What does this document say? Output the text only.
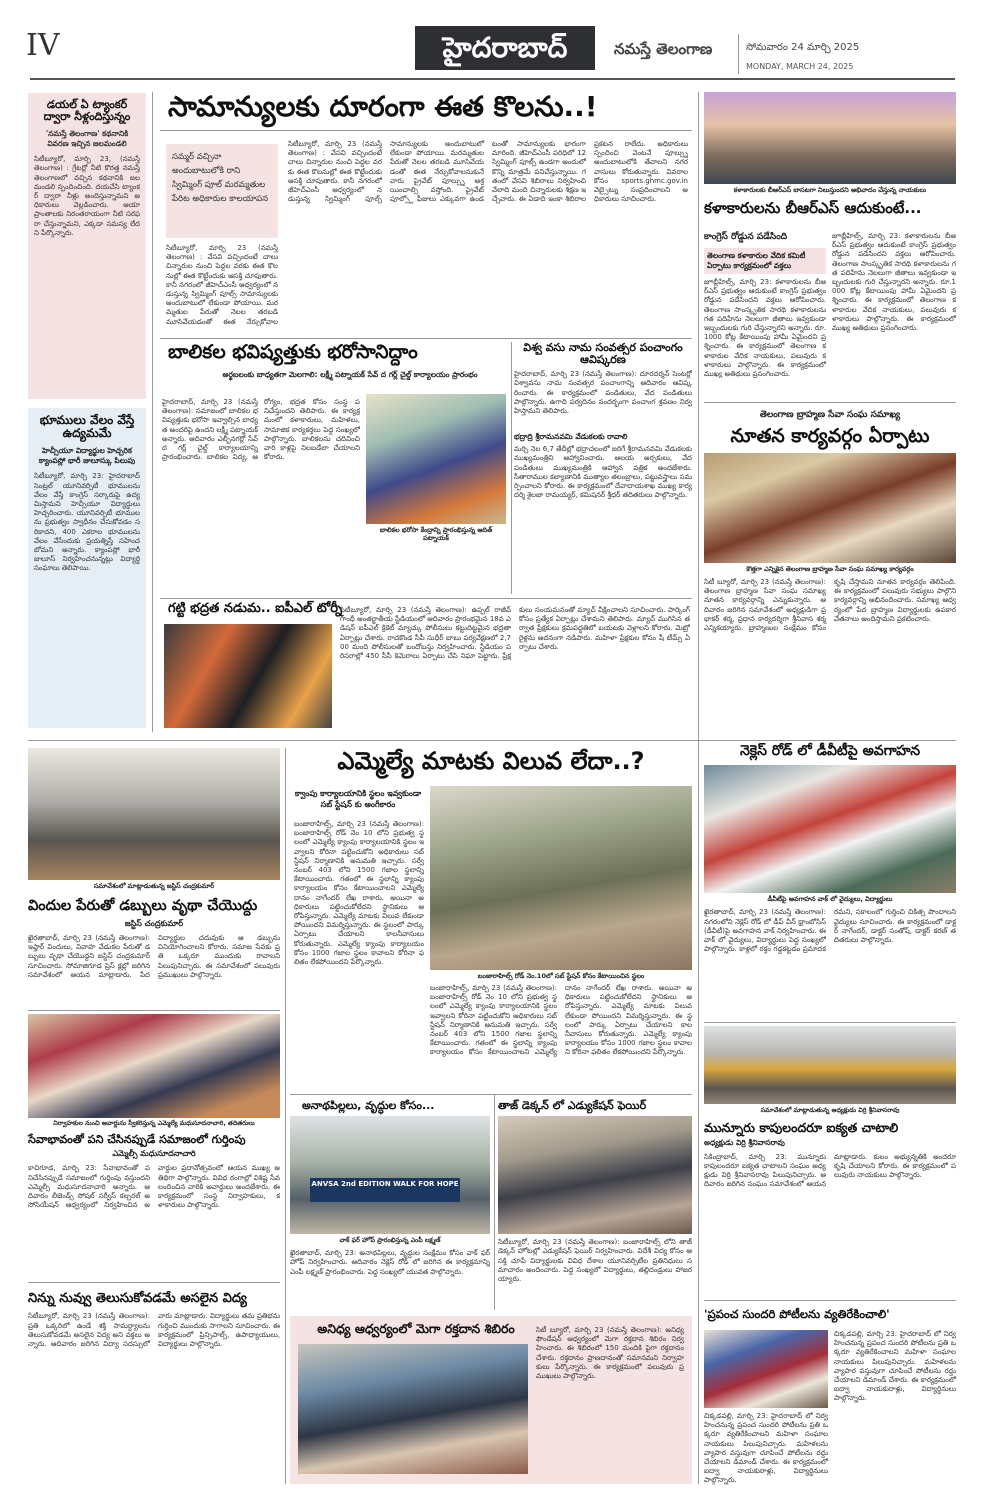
IV	హైదరాబాద్	నమస్తే తెలంగాణ	సోమవారం 24 మార్చి 2025
MONDAY, MARCH 24, 2025
డయల్ ఏ ట్యాంకర్ ద్వారా నీళ్లందిస్తున్నం
'నమస్తే తెలంగాణ' కథనానికి వివరణ ఇచ్చిన జలమండలి
సిటీబ్యూరో, మార్చి 23, (నమస్తే తెలంగాణ) : గ్రేటర్లో నీటి కొరత్త నమస్తే తెలంగాణలో వచ్చిన కథనానికి జలమండలి స్పందించింది. దయచేసి ట్యాంకర్ ద్వారా నీళ్లు అందిస్తున్నామని అధికారులు వెల్లడించారు. ఆయా ప్రాంతాలకు నిరంతరాయంగా నీటి సరఫరా చేస్తున్నామని, ఎక్కడా సమస్య లేదని పేర్కొన్నారు.
భూములు వేలం వేస్తే ఉద్యమమే
హెచ్సీయూ విద్యార్థుల హెచ్చరిక క్యాంపస్లో భారీ జులూస్కు పిలుపు
సిటీబ్యూరో, మార్చి 23: హైదరాబాద్ సెంట్రల్ యూనివర్సిటీ భూములను వేలం వేస్తే కాంగ్రెస్ సర్కారుపై ఉద్యమిస్తామని హెచ్సీయూ విద్యార్థులు హెచ్చరించారు. యూనివర్సిటీ భూములను ప్రభుత్వం స్వాధీనం చేసుకోవడం సరికాదని, 400 ఎకరాల భూములను వేలం వేసేందుకు ప్రయత్నిస్తే సహించబోమని అన్నారు. క్యాంపస్లో భారీ జులూస్ నిర్వహించనున్నట్లు విద్యార్థి సంఘాలు తెలిపాయి.
సామాన్యులకు దూరంగా ఈత కొలను..!
సమ్మర్ వచ్చినా అందుబాటులోకి రాని స్విమ్మింగ్ పూల్ మరమ్మతుల పేరిట అధికారుల కాలయాపన
సిటీబ్యూరో, మార్చి 23 (నమస్తే తెలంగాణ) : వేసవి వచ్చిందంటే చాలు చిన్నారుల నుంచి పెద్దల వరకు ఈత కొలనుల్లో ఈత కొట్టేందుకు ఆసక్తి చూపుతారు. కానీ నగరంలో జీహెచ్ఎంసీ ఆధ్వర్యంలో నడుస్తున్న స్విమ్మింగ్ పూల్స్ సామాన్యులకు అందుబాటులో లేకుండా పోయాయి. మరమ్మతుల పేరుతో నెలల తరబడి మూసివేయడంతో ఈత నేర్చుకోవాలనుకునే వారు ప్రైవేట్ పూల్స్ను ఆశ్రయించాల్సి వస్తోంది. ప్రైవేట్ పూల్స్లో ఫీజులు ఎక్కువగా ఉండటంతో సామాన్యులకు భారంగా మారింది. జీహెచ్ఎంసీ పరిధిలో 12 స్విమ్మింగ్ పూల్స్ ఉండగా అందులో కొన్ని మాత్రమే పనిచేస్తున్నాయి. గతంలో వేసవి శిబిరాలు నిర్వహించి వేలాది మంది చిన్నారులకు శిక్షణ ఇచ్చేవారు. ఈ ఏడాది ఇంకా శిబిరాల ప్రకటన రాలేదు. అధికారులు స్పందించి వెంటనే పూల్స్ను అందుబాటులోకి తేవాలని నగరవాసులు కోరుతున్నారు. వివరాల కోసం sports.ghmc.gov.in వెబ్సైట్ను సంప్రదించాలని అధికారులు సూచించారు.
సిటీబ్యూరో, మార్చి 23 (నమస్తే తెలంగాణ) : వేసవి వచ్చిందంటే చాలు చిన్నారుల నుంచి పెద్దల వరకు ఈత కొలనుల్లో ఈత కొట్టేందుకు ఆసక్తి చూపుతారు. కానీ నగరంలో జీహెచ్ఎంసీ ఆధ్వర్యంలో నడుస్తున్న స్విమ్మింగ్ పూల్స్ సామాన్యులకు అందుబాటులో లేకుండా పోయాయి. మరమ్మతుల పేరుతో నెలల తరబడి మూసివేయడంతో ఈత నేర్చుకోవాల
కళాకారులకు బీఆర్ఎస్ బాసటగా నిలుస్తుందని అభివాదం చేస్తున్న నాయకులు
కళాకారులను బీఆర్ఎస్ ఆదుకుంటే...
కాంగ్రెస్ రోడ్డున పడేసింది
తెలంగాణ కళాకారుల వేదిక కమిటీ ఏర్పాటు కార్యక్రమంలో వక్తలు
జూబ్లీహిల్స్, మార్చి 23: కళాకారులను బీఆర్ఎస్ ప్రభుత్వం ఆదుకుంటే కాంగ్రెస్ ప్రభుత్వం రోడ్డున పడేసిందని వక్తలు ఆరోపించారు. తెలంగాణ సాంస్కృతిక సారథి కళాకారులను గత పదిహేను నెలలుగా జీతాలు ఇవ్వకుండా ఇబ్బందులకు గురి చేస్తున్నారని అన్నారు. రూ.1000 కోట్ల కేటాయింపు హామీ ఏమైందని ప్రశ్నించారు. ఈ కార్యక్రమంలో తెలంగాణ కళాకారుల వేదిక నాయకులు, పలువురు కళాకారులు పాల్గొన్నారు. ఈ కార్యక్రమంలో ముఖ్య అతిథులు ప్రసంగించారు.
జూబ్లీహిల్స్, మార్చి 23: కళాకారులను బీఆర్ఎస్ ప్రభుత్వం ఆదుకుంటే కాంగ్రెస్ ప్రభుత్వం రోడ్డున పడేసిందని వక్తలు ఆరోపించారు. తెలంగాణ సాంస్కృతిక సారథి కళాకారులను గత పదిహేను నెలలుగా జీతాలు ఇవ్వకుండా ఇబ్బందులకు గురి చేస్తున్నారని అన్నారు. రూ.1000 కోట్ల కేటాయింపు హామీ ఏమైందని ప్రశ్నించారు. ఈ కార్యక్రమంలో తెలంగాణ కళాకారుల వేదిక నాయకులు, పలువురు కళాకారులు పాల్గొన్నారు. ఈ కార్యక్రమంలో ముఖ్య అతిథులు ప్రసంగించారు.
బాలికల భవిష్యత్తుకు భరోసానిద్దాం
అర్థబలంకు బాధ్యతగా మెలగాలి: లక్ష్మీ పట్నాయక్ సేవ్ ద గర్ల్ చైల్డ్ కార్యాలయం ప్రారంభం
హైదరాబాద్, మార్చి 23 (నమస్తే తెలంగాణ): సమాజంలో బాలికల భవిష్యత్తుకు భరోసా ఇవ్వాల్సిన బాధ్యత అందరిపై ఉందని లక్ష్మీ పట్నాయక్ అన్నారు. ఆదివారం ఎల్బీనగర్లో సేవ్ ద గర్ల్ చైల్డ్ కార్యాలయాన్ని ప్రారంభించారు. బాలికల విద్య, ఆరోగ్యం, భద్రత కోసం సంస్థ పనిచేస్తుందని తెలిపారు. ఈ కార్యక్రమంలో కళాకారులు, మహిళలు, సామాజిక కార్యకర్తలు పెద్ద సంఖ్యలో పాల్గొన్నారు. బాలికలను చదివించి వారి కాళ్లపై నిలబడేలా చేయాలని కోరారు.
బాలికల భరోసా కేంద్రాన్ని ప్రారంభిస్తున్న ఆదిత్ పట్నాయక్
విశ్వ వసు నామ సంవత్సర పంచాంగం ఆవిష్కరణ
హైదరాబాద్, మార్చి 23 (నమస్తే తెలంగాణ): దూరదర్శన్ సెంటర్లో విశ్వావసు నామ సంవత్సర పంచాంగాన్ని ఆదివారం ఆవిష్కరించారు. ఈ కార్యక్రమంలో పండితులు, వేద పండితులు పాల్గొన్నారు. ఉగాది పర్వదినం సందర్భంగా పంచాంగ శ్రవణం నిర్వహిస్తామని తెలిపారు.
భద్రాద్రి శ్రీరామనవమి వేడుకలకు రావాలి
మర్చి నెల 6,7 తేదీల్లో భద్రాచలంలో జరిగే శ్రీరామనవమి వేడుకలకు ముఖ్యమంత్రిని ఆహ్వానించారు. ఆలయ అర్చకులు, వేద పండితులు ముఖ్యమంత్రికి ఆహ్వాన పత్రిక అందజేశారు. సీతారాముల కల్యాణానికి ముత్యాల తలంబ్రాలు, పట్టువస్త్రాలు సమర్పించాలని కోరారు. ఈ కార్యక్రమంలో దేవాదాయశాఖ ముఖ్య కార్యదర్శి శైలజా రామయ్యర్, కమిషనర్ శ్రీధర్ తదితరులు పాల్గొన్నారు.
గట్టి భద్రత నడుమ.. ఐపీఎల్ టోర్నీ
సిటీబ్యూరో, మార్చి 23 (నమస్తే తెలంగాణ): ఉప్పల్ రాజీవ్ గాంధీ అంతర్జాతీయ స్టేడియంలో ఆదివారం ప్రారంభమైన 18వ ఎడిషన్ ఐపీఎల్ క్రికెట్ మ్యాచ్కు పోలీసులు కట్టుదిట్టమైన భద్రతా ఏర్పాట్లు చేశారు. రాచకొండ సీపీ సుధీర్ బాబు పర్యవేక్షణలో 2,700 మంది పోలీసులతో బందోబస్తు నిర్వహించారు. స్టేడియం పరిసరాల్లో 450 సీసీ కెమెరాలు ఏర్పాటు చేసి నిఘా పెట్టారు. ప్రేక్షకులు సంయమనంతో మ్యాచ్ వీక్షించాలని సూచించారు. పార్కింగ్ కోసం ప్రత్యేక ఏర్పాట్లు చేశామని తెలిపారు. మ్యాచ్ ముగిసిన తర్వాత ప్రేక్షకులు క్రమపద్ధతిలో బయటకు వెళ్లాలని కోరారు. మెట్రో రైళ్లను అదనంగా నడిపారు. మహిళా ప్రేక్షకుల కోసం షీ టీమ్స్ ఏర్పాటు చేశారు.
తెలంగాణ బ్రాహ్మణ సేవా సంఘ సమాఖ్య
నూతన కార్యవర్గం ఏర్పాటు
కొత్తగా ఎన్నికైన తెలంగాణ బ్రాహ్మణ సేవా సంఘ సమాఖ్య కార్యవర్గం
సిటీ బ్యూరో, మార్చి 23 (నమస్తే తెలంగాణ): తెలంగాణ బ్రాహ్మణ సేవా సంఘ సమాఖ్య నూతన కార్యవర్గాన్ని ఎన్నుకున్నారు. ఆదివారం జరిగిన సమావేశంలో అధ్యక్షుడిగా ప్రభాకర్ శర్మ, ప్రధాన కార్యదర్శిగా శ్రీనివాస శర్మ ఎన్నికయ్యారు. బ్రాహ్మణుల సంక్షేమం కోసం కృషి చేస్తామని నూతన కార్యవర్గం తెలిపింది. ఈ కార్యక్రమంలో పలువురు సభ్యులు పాల్గొని కార్యవర్గాన్ని అభినందించారు. సమాఖ్య ఆధ్వర్యంలో పేద బ్రాహ్మణ విద్యార్థులకు ఉపకార వేతనాలు అందిస్తామని ప్రకటించారు.
సమావేశంలో మాట్లాడుతున్న జస్టిస్ చంద్రకుమార్
విందుల పేరుతో డబ్బులు వృథా చేయొద్దు
జస్టిస్ చంద్రకుమార్
ఖైరతాబాద్, మార్చి 23 (నమస్తే తెలంగాణ): ఇఫ్తార్ విందులు, వివాహ వేడుకల పేరుతో డబ్బులు వృథా చేయొద్దని జస్టిస్ చంద్రకుమార్ సూచించారు. సోమాజిగూడ ప్రెస్ క్లబ్లో జరిగిన సమావేశంలో ఆయన మాట్లాడారు. పేద విద్యార్థుల చదువుకు ఆ డబ్బును వినియోగించాలని కోరారు. సమాజ సేవకు ప్రతి ఒక్కరూ ముందుకు రావాలని పిలుపునిచ్చారు. ఈ సమావేశంలో పలువురు ప్రముఖులు పాల్గొన్నారు.
ఎమ్మెల్యే మాటకు విలువ లేదా..?
క్వాంపు కార్యాలయానికి స్థలం ఇవ్వకుండా సబ్ స్టేషన్ కు అంగీకారం
బంజారాహిల్స్ రోడ్ నెం.10లో సబ్ స్టేషన్ కోసం కేటాయించిన స్థలం
బంజారాహిల్స్, మార్చి 23 (నమస్తే తెలంగాణ): బంజారాహిల్స్ రోడ్ నెం 10 లోని ప్రభుత్వ స్థలంలో ఎమ్మెల్యే క్యాంపు కార్యాలయానికి స్థలం ఇవ్వాలని కోరినా పట్టించుకోని అధికారులు సబ్ స్టేషన్ నిర్మాణానికి అనుమతి ఇచ్చారు. సర్వే నంబర్ 403 లోని 1500 గజాల స్థలాన్ని కేటాయించారు. గతంలో ఈ స్థలాన్ని క్యాంపు కార్యాలయం కోసం కేటాయించాలని ఎమ్మెల్యే దానం నాగేందర్ లేఖ రాశారు. అయినా అధికారులు పట్టించుకోలేదని స్థానికులు ఆరోపిస్తున్నారు. ఎమ్మెల్యే మాటకు విలువ లేకుండా పోయిందని విమర్శిస్తున్నారు. ఈ స్థలంలో పార్కు ఏర్పాటు చేయాలని కాలనీవాసులు కోరుతున్నారు. ఎమ్మెల్యే క్యాంపు కార్యాలయం కోసం 1000 గజాల స్థలం కావాలని కోరినా ఫలితం లేకపోయిందని పేర్కొన్నారు.
బంజారాహిల్స్, మార్చి 23 (నమస్తే తెలంగాణ): బంజారాహిల్స్ రోడ్ నెం 10 లోని ప్రభుత్వ స్థలంలో ఎమ్మెల్యే క్యాంపు కార్యాలయానికి స్థలం ఇవ్వాలని కోరినా పట్టించుకోని అధికారులు సబ్ స్టేషన్ నిర్మాణానికి అనుమతి ఇచ్చారు. సర్వే నంబర్ 403 లోని 1500 గజాల స్థలాన్ని కేటాయించారు. గతంలో ఈ స్థలాన్ని క్యాంపు కార్యాలయం కోసం కేటాయించాలని ఎమ్మెల్యే దానం నాగేందర్ లేఖ రాశారు. అయినా అధికారులు పట్టించుకోలేదని స్థానికులు ఆరోపిస్తున్నారు. ఎమ్మెల్యే మాటకు విలువ లేకుండా పోయిందని విమర్శిస్తున్నారు. ఈ స్థలంలో పార్కు ఏర్పాటు చేయాలని కాలనీవాసులు కోరుతున్నారు. ఎమ్మెల్యే క్యాంపు కార్యాలయం కోసం 1000 గజాల స్థలం కావాలని కోరినా ఫలితం లేకపోయిందని పేర్కొన్నారు.
నెక్లెస్ రోడ్ లో డీవీటీపై అవగాహన
డీవీటీపై అవగాహన వాక్ లో వైద్యులు, విద్యార్థులు
ఖైరతాబాద్, మార్చి 23 (నమస్తే తెలంగాణ): నగరంలోని నెక్లెస్ రోడ్ లో డీప్ వీన్ థ్రాంబోసిస్ (డీవీటీ)పై అవగాహన వాక్ నిర్వహించారు. ఈ వాక్ లో వైద్యులు, విద్యార్థులు పెద్ద సంఖ్యలో పాల్గొన్నారు. కాళ్లలో రక్తం గడ్డకట్టడం ప్రమాదకరమని, సకాలంలో గుర్తించి చికిత్స పొందాలని వైద్యులు సూచించారు. ఈ కార్యక్రమంలో డాక్టర్ నాగేందర్, డాక్టర్ సంతోష్, డాక్టర్ కరణ్ తదితరులు పాల్గొన్నారు.
నిర్వాహకుల నుంచి అవార్డును స్వీకరిస్తున్న ఎమ్మెల్యే మధుసూదనాచారి, తదితరులు
సేవాభావంతో పని చేసినప్పుడే సమాజంలో గుర్తింపు
ఎమ్మెల్సీ మధుసూదనాచారి
కాచిగూడ, మార్చి 23: సేవాభావంతో పనిచేసినప్పుడే సమాజంలో గుర్తింపు వస్తుందని ఎమ్మెల్సీ మధుసూదనాచారి అన్నారు. ఆదివారం లీజెండ్స్ సోషల్ సర్వీస్ కల్చరల్ అసోసియేషన్ ఆధ్వర్యంలో నిర్వహించిన అవార్డుల ప్రదానోత్సవంలో ఆయన ముఖ్య అతిథిగా పాల్గొన్నారు. వివిధ రంగాల్లో విశిష్ట సేవలందించిన వారికి అవార్డులు అందజేశారు. ఈ కార్యక్రమంలో సంస్థ నిర్వాహకులు, కళాకారులు పాల్గొన్నారు.
నిన్ను నువ్వు తెలుసుకోవడమే అసలైన విద్య
సిటీబ్యూరో, మార్చి 23 (నమస్తే తెలంగాణ): ప్రతి ఒక్కరిలో ఉండే శక్తి సామర్థ్యాలను తెలుసుకోవడమే అసలైన విద్య అని వక్తలు అన్నారు. ఆదివారం జరిగిన విద్యా సదస్సులో వారు మాట్లాడారు. విద్యార్థులు తమ ప్రతిభను గుర్తించి ముందుకు సాగాలని సూచించారు. ఈ కార్యక్రమంలో ప్రిన్సిపాల్స్, ఉపాధ్యాయులు, విద్యార్థులు పాల్గొన్నారు.
అనాథపిల్లలు, వృద్ధుల కోసం...
ANVSA 2nd EDITION WALK FOR HOPE
వాక్ ఫర్ హోప్ ప్రారంభిస్తున్న ఎంపీ లక్ష్మణ్
ఖైరతాబాద్, మార్చి 23: అనాథపిల్లలు, వృద్ధుల సంక్షేమం కోసం వాక్ ఫర్ హోప్ నిర్వహించారు. ఆదివారం నెక్లెస్ రోడ్ లో జరిగిన ఈ కార్యక్రమాన్ని ఎంపీ లక్ష్మణ్ ప్రారంభించారు. పెద్ద సంఖ్యలో యువత పాల్గొన్నారు.
తాజ్ డెక్కన్ లో ఎడ్యుకేషన్ ఫెయిర్
సిటీబ్యూరో, మార్చి 23 (నమస్తే తెలంగాణ): బంజారాహిల్స్ లోని తాజ్ డెక్కన్ హోటల్లో ఎడ్యుకేషన్ ఫెయిర్ నిర్వహించారు. విదేశీ విద్య కోసం ఆసక్తి చూపే విద్యార్థులకు వివిధ దేశాల యూనివర్సిటీల ప్రతినిధులు సమాచారం అందించారు. పెద్ద సంఖ్యలో విద్యార్థులు, తల్లిదండ్రులు హాజరయ్యారు.
అనిధ్య ఆధ్వర్యంలో మెగా రక్తదాన శిబిరం	సిటీ బ్యూరో, మార్చి 23 (నమస్తే తెలంగాణ): అనిధ్య ఫౌండేషన్ ఆధ్వర్యంలో మెగా రక్తదాన శిబిరం నిర్వహించారు. ఈ శిబిరంలో 150 మందికి పైగా రక్తదానం చేశారు. రక్తదానం ప్రాణదానంతో సమానమని నిర్వాహకులు పేర్కొన్నారు. ఈ కార్యక్రమంలో పలువురు ప్రముఖులు పాల్గొన్నారు.
సమావేశంలో మాట్లాడుతున్న అధ్యక్షుడు విర్రి శ్రీనివాసరావు
మున్నూరు కాపులందరూ ఐక్యత చాటాలి
అధ్యక్షుడు విర్రి శ్రీనివాసరావు
సికింద్రాబాద్, మార్చి 23: మున్నూరు కాపులందరూ ఐక్యత చాటాలని సంఘం అధ్యక్షుడు విర్రి శ్రీనివాసరావు పిలుపునిచ్చారు. ఆదివారం జరిగిన సంఘం సమావేశంలో ఆయన మాట్లాడారు. కులం అభ్యున్నతికి అందరూ కృషి చేయాలని కోరారు. ఈ కార్యక్రమంలో పలువురు నాయకులు పాల్గొన్నారు.
'ప్రపంచ సుందరి పోటీలను వ్యతిరేకించాలి'
చిక్కడపల్లి, మార్చి 23: హైదరాబాద్ లో నిర్వహించనున్న ప్రపంచ సుందరి పోటీలను ప్రతి ఒక్కరూ వ్యతిరేకించాలని మహిళా సంఘాల నాయకులు పిలుపునిచ్చారు. మహిళలను వ్యాపార వస్తువుగా చూపించే పోటీలను రద్దు చేయాలని డిమాండ్ చేశారు. ఈ కార్యక్రమంలో ఐద్వా నాయకురాళ్లు, విద్యార్థినులు పాల్గొన్నారు.
చిక్కడపల్లి, మార్చి 23: హైదరాబాద్ లో నిర్వహించనున్న ప్రపంచ సుందరి పోటీలను ప్రతి ఒక్కరూ వ్యతిరేకించాలని మహిళా సంఘాల నాయకులు పిలుపునిచ్చారు. మహిళలను వ్యాపార వస్తువుగా చూపించే పోటీలను రద్దు చేయాలని డిమాండ్ చేశారు. ఈ కార్యక్రమంలో ఐద్వా నాయకురాళ్లు, విద్యార్థినులు పాల్గొన్నారు.
